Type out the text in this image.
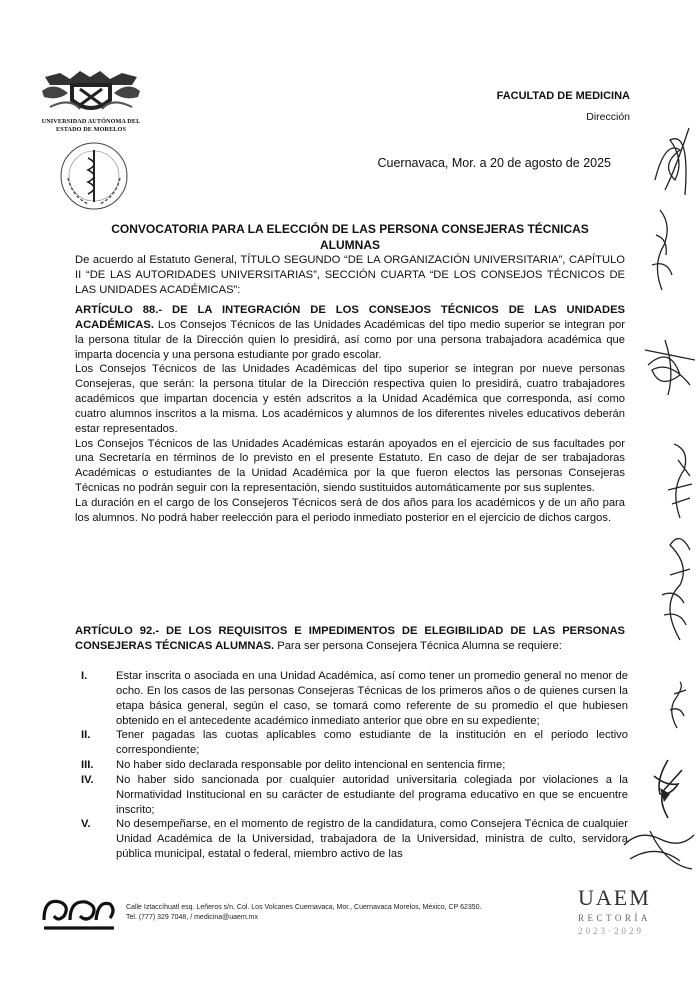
UNIVERSIDAD AUTÓNOMA DEL
ESTADO DE MORELOS
FACULTAD DE MEDICINA
Dirección
Cuernavaca, Mor. a 20 de agosto de 2025
CONVOCATORIA PARA LA ELECCIÓN DE LAS PERSONA CONSEJERAS TÉCNICAS
ALUMNAS
De acuerdo al Estatuto General, TÍTULO SEGUNDO “DE LA ORGANIZACIÓN UNIVERSITARIA”, CAPÍTULO II “DE LAS AUTORIDADES UNIVERSITARIAS”, SECCIÓN CUARTA “DE LOS CONSEJOS TÉCNICOS DE LAS UNIDADES ACADÉMICAS”:

ARTÍCULO 88.- DE LA INTEGRACIÓN DE LOS CONSEJOS TÉCNICOS DE LAS UNIDADES ACADÉMICAS. Los Consejos Técnicos de las Unidades Académicas del tipo medio superior se integran por la persona titular de la Dirección quien lo presidirá, así como por una persona trabajadora académica que imparta docencia y una persona estudiante por grado escolar.

Los Consejos Técnicos de las Unidades Académicas del tipo superior se integran por nueve personas Consejeras, que serán: la persona titular de la Dirección respectiva quien lo presidirá, cuatro trabajadores académicos que impartan docencia y estén adscritos a la Unidad Académica que corresponda, así como cuatro alumnos inscritos a la misma. Los académicos y alumnos de los diferentes niveles educativos deberán estar representados.

Los Consejos Técnicos de las Unidades Académicas estarán apoyados en el ejercicio de sus facultades por una Secretaría en términos de lo previsto en el presente Estatuto. En caso de dejar de ser trabajadoras Académicas o estudiantes de la Unidad Académica por la que fueron electos las personas Consejeras Técnicas no podrán seguir con la representación, siendo sustituidos automáticamente por sus suplentes.

La duración en el cargo de los Consejeros Técnicos será de dos años para los académicos y de un año para los alumnos. No podrá haber reelección para el periodo inmediato posterior en el ejercicio de dichos cargos.

ARTÍCULO 92.- DE LOS REQUISITOS E IMPEDIMENTOS DE ELEGIBILIDAD DE LAS PERSONAS CONSEJERAS TÉCNICAS ALUMNAS. Para ser persona Consejera Técnica Alumna se requiere:

I.	Estar inscrita o asociada en una Unidad Académica, así como tener un promedio general no menor de ocho. En los casos de las personas Consejeras Técnicas de los primeros años o de quienes cursen la etapa básica general, según el caso, se tomará como referente de su promedio el que hubiesen obtenido en el antecedente académico inmediato anterior que obre en su expediente;
II.	Tener pagadas las cuotas aplicables como estudiante de la institución en el periodo lectivo correspondiente;
III.	No haber sido declarada responsable por delito intencional en sentencia firme;
IV.	No haber sido sancionada por cualquier autoridad universitaria colegiada por violaciones a la Normatividad Institucional en su carácter de estudiante del programa educativo en que se encuentre inscrito;
V.	No desempeñarse, en el momento de registro de la candidatura, como Consejera Técnica de cualquier Unidad Académica de la Universidad, trabajadora de la Universidad, ministra de culto, servidora pública municipal, estatal o federal, miembro activo de las
Calle Iztaccíhuatl esq. Leñeros s/n, Col. Los Volcanes Cuernavaca, Mor., Cuernavaca Morelos, México, CP 62350.
Tel. (777) 329 7048, / medicina@uaem.mx
UAEM
RECTORÍA
2023·2029
